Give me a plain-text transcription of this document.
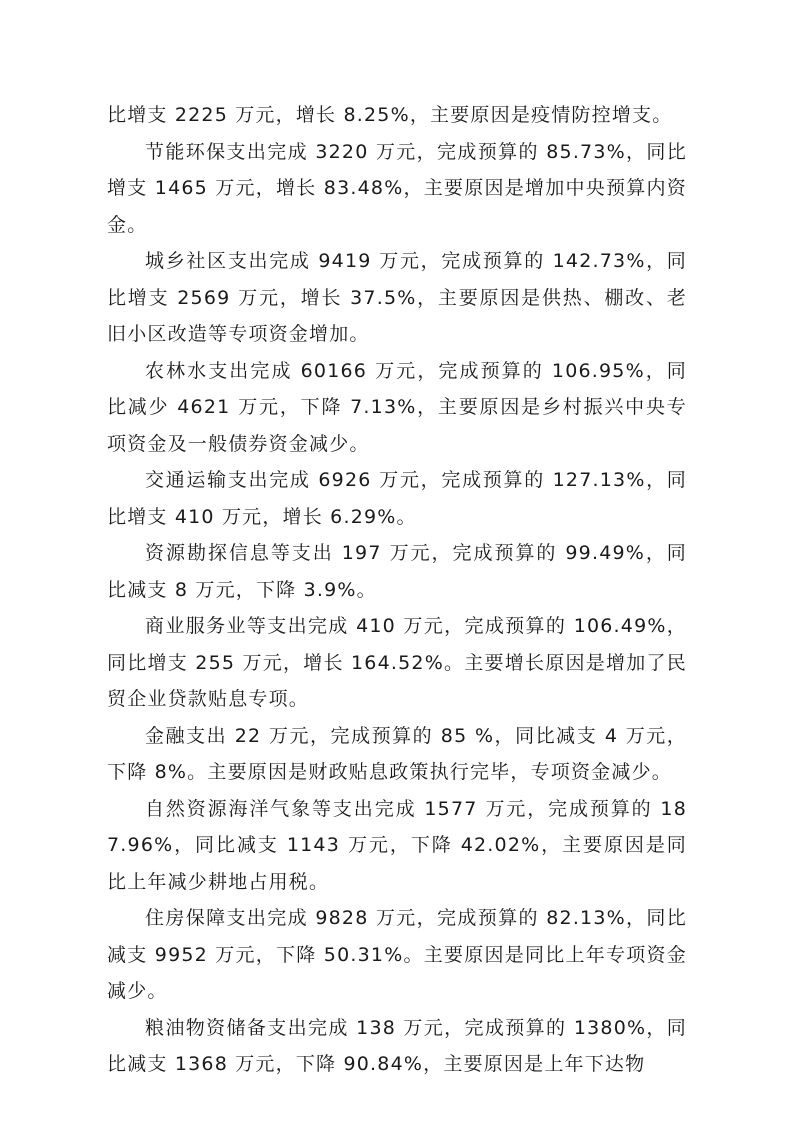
比增支 2225 万元，增长 8.25%，主要原因是疫情防控增支。

节能环保支出完成 3220 万元，完成预算的 85.73%，同比增支 1465 万元，增长 83.48%，主要原因是增加中央预算内资金。

城乡社区支出完成 9419 万元，完成预算的 142.73%，同比增支 2569 万元，增长 37.5%，主要原因是供热、棚改、老旧小区改造等专项资金增加。

农林水支出完成 60166 万元，完成预算的 106.95%，同比减少 4621 万元，下降 7.13%，主要原因是乡村振兴中央专项资金及一般债券资金减少。

交通运输支出完成 6926 万元，完成预算的 127.13%，同比增支 410 万元，增长 6.29%。

资源勘探信息等支出 197 万元，完成预算的 99.49%，同比减支 8 万元，下降 3.9%。

商业服务业等支出完成 410 万元，完成预算的 106.49%，同比增支 255 万元，增长 164.52%。主要增长原因是增加了民贸企业贷款贴息专项。

金融支出 22 万元，完成预算的 85 %，同比减支 4 万元，下降 8%。主要原因是财政贴息政策执行完毕，专项资金减少。

自然资源海洋气象等支出完成 1577 万元，完成预算的 187.96%，同比减支 1143 万元，下降 42.02%，主要原因是同比上年减少耕地占用税。

住房保障支出完成 9828 万元，完成预算的 82.13%，同比减支 9952 万元，下降 50.31%。主要原因是同比上年专项资金减少。

粮油物资储备支出完成 138 万元，完成预算的 1380%，同比减支 1368 万元，下降 90.84%，主要原因是上年下达物
